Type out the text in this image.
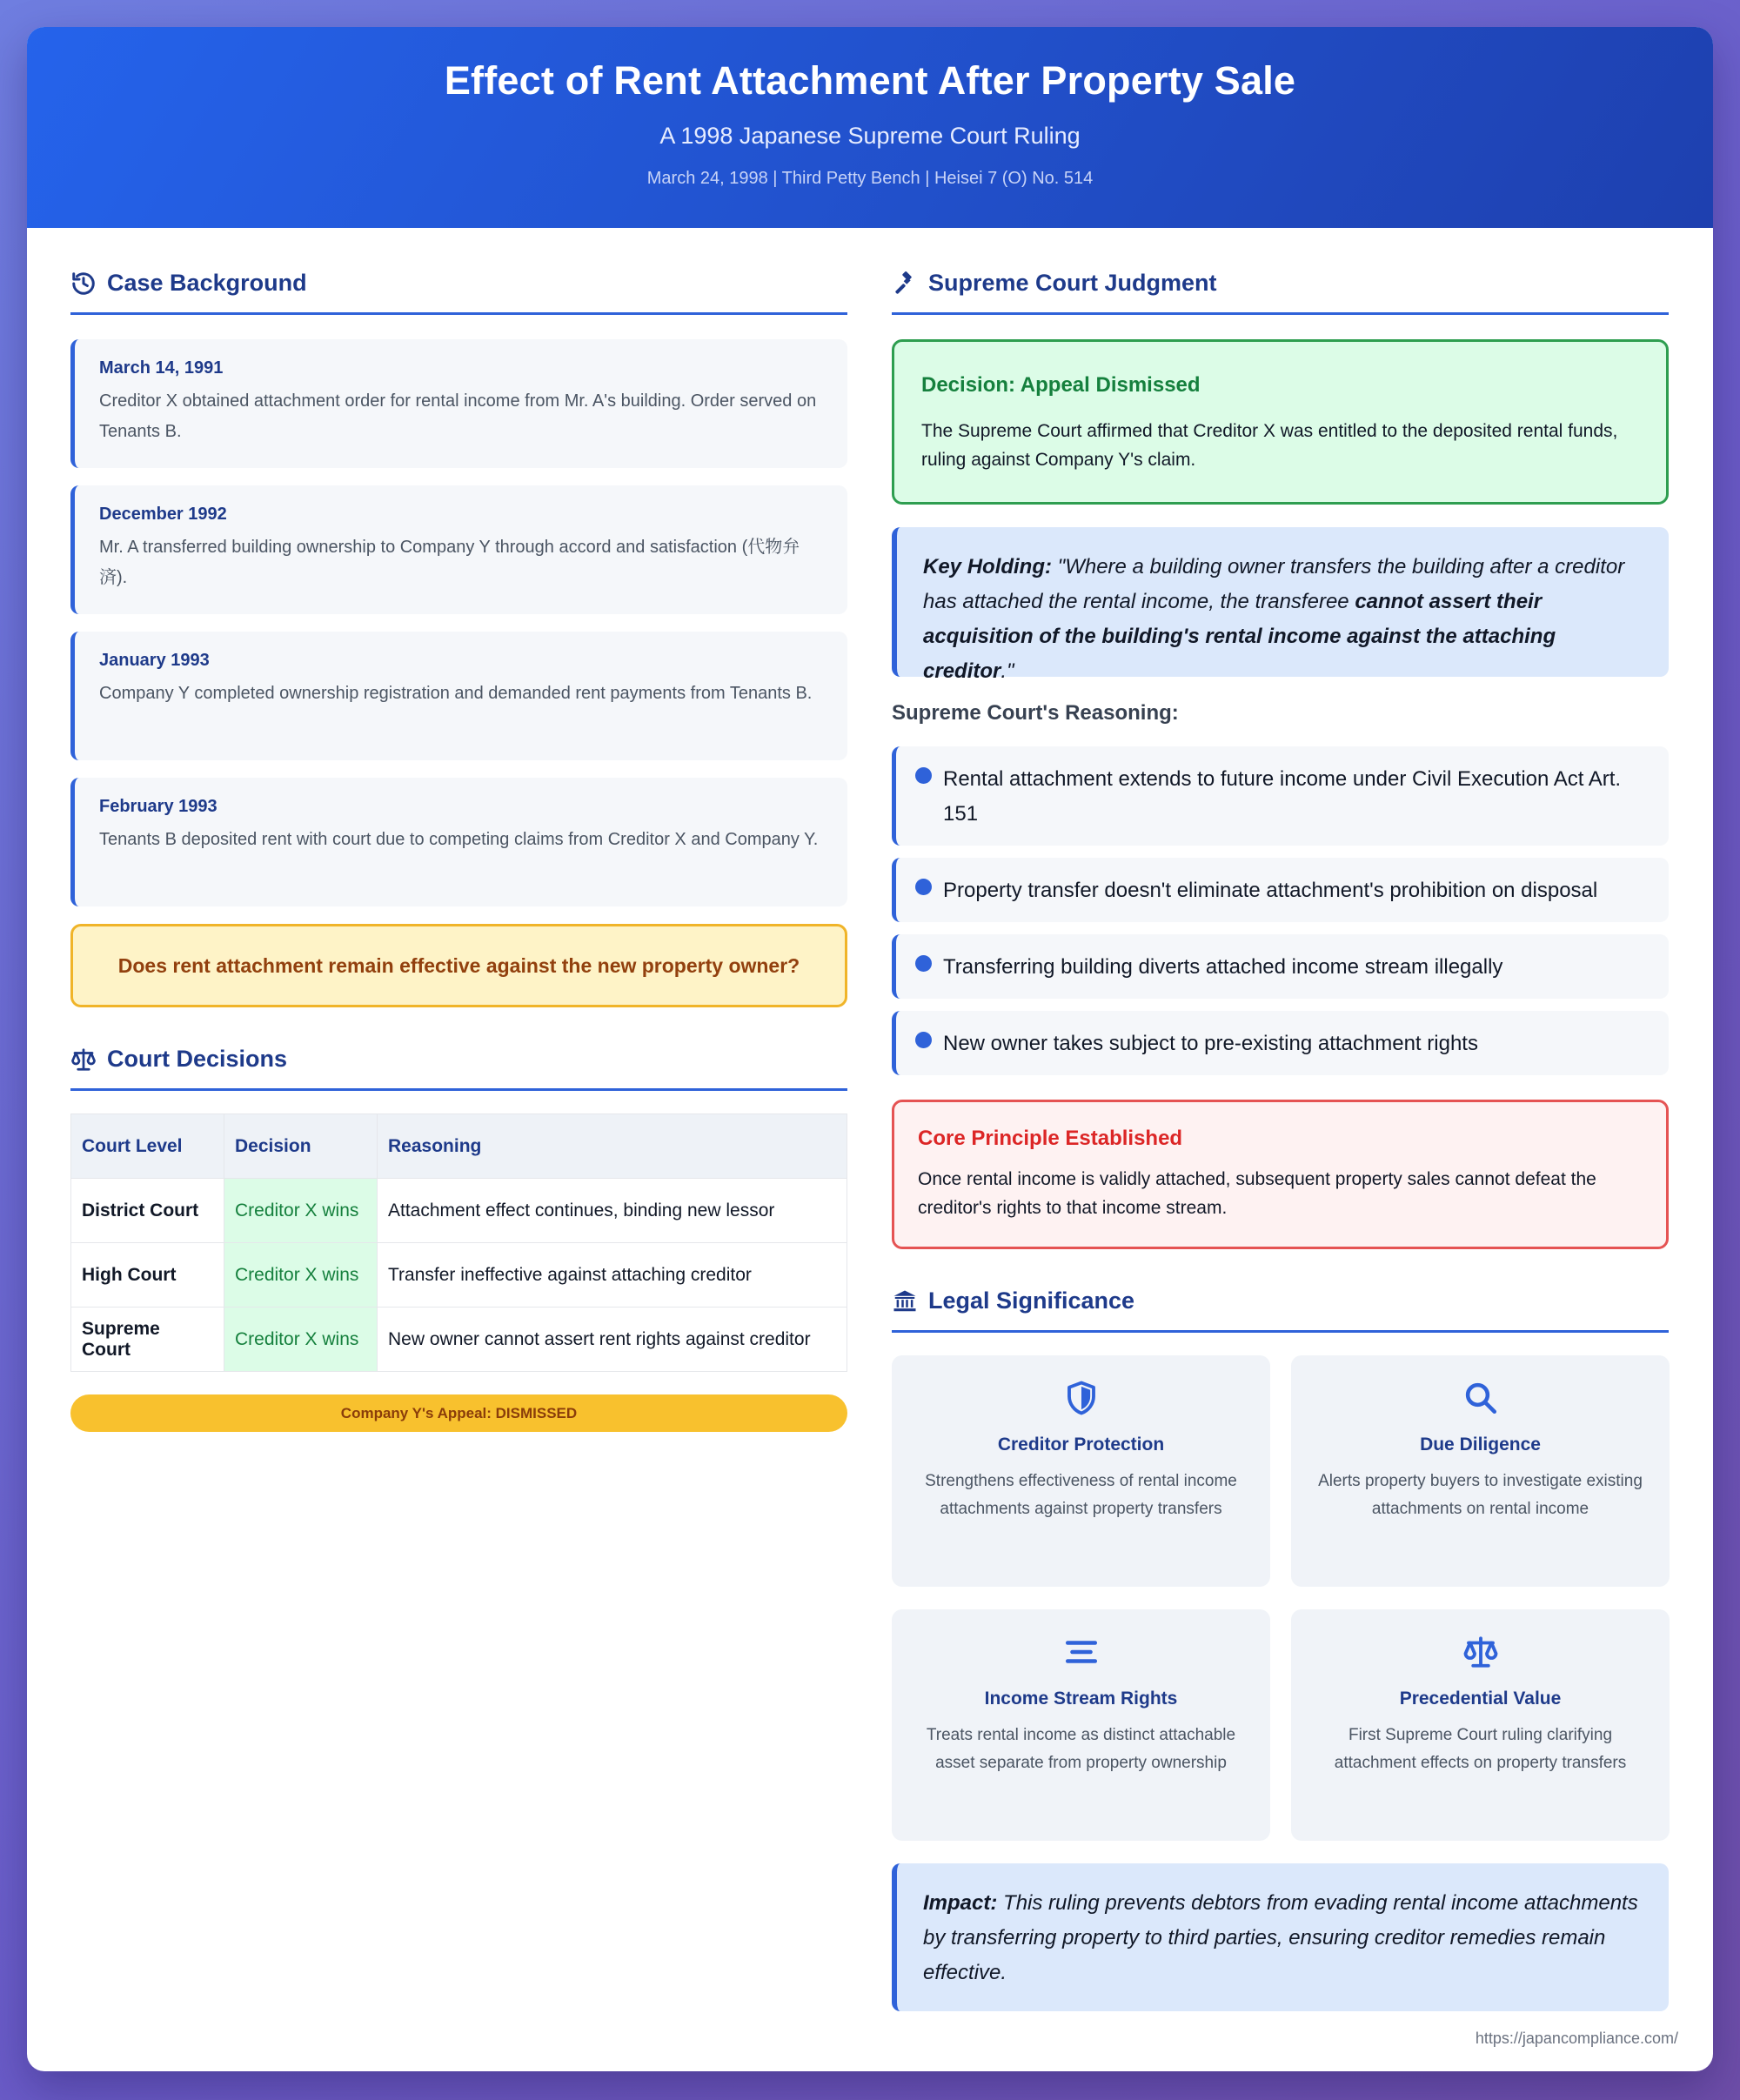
Effect of Rent Attachment After Property Sale
A 1998 Japanese Supreme Court Ruling
March 24, 1998 | Third Petty Bench | Heisei 7 (O) No. 514
Case Background
March 14, 1991
Creditor X obtained attachment order for rental income from Mr. A's building. Order served on Tenants B.
December 1992
Mr. A transferred building ownership to Company Y through accord and satisfaction (代物弁済).
January 1993
Company Y completed ownership registration and demanded rent payments from Tenants B.
February 1993
Tenants B deposited rent with court due to competing claims from Creditor X and Company Y.
Does rent attachment remain effective against the new property owner?
Court Decisions
Court Level	Decision	Reasoning
District Court	Creditor X wins	Attachment effect continues, binding new lessor
High Court	Creditor X wins	Transfer ineffective against attaching creditor
Supreme Court	Creditor X wins	New owner cannot assert rent rights against creditor
Company Y's Appeal: DISMISSED
Supreme Court Judgment
Decision: Appeal Dismissed
The Supreme Court affirmed that Creditor X was entitled to the deposited rental funds, ruling against Company Y's claim.
Key Holding: "Where a building owner transfers the building after a creditor has attached the rental income, the transferee cannot assert their acquisition of the building's rental income against the attaching creditor."
Supreme Court's Reasoning:
Rental attachment extends to future income under Civil Execution Act Art. 151
Property transfer doesn't eliminate attachment's prohibition on disposal
Transferring building diverts attached income stream illegally
New owner takes subject to pre-existing attachment rights
Core Principle Established
Once rental income is validly attached, subsequent property sales cannot defeat the creditor's rights to that income stream.
Legal Significance
Creditor Protection
Strengthens effectiveness of rental income attachments against property transfers
Due Diligence
Alerts property buyers to investigate existing attachments on rental income
Income Stream Rights
Treats rental income as distinct attachable asset separate from property ownership
Precedential Value
First Supreme Court ruling clarifying attachment effects on property transfers
Impact: This ruling prevents debtors from evading rental income attachments by transferring property to third parties, ensuring creditor remedies remain effective.
https://japancompliance.com/
